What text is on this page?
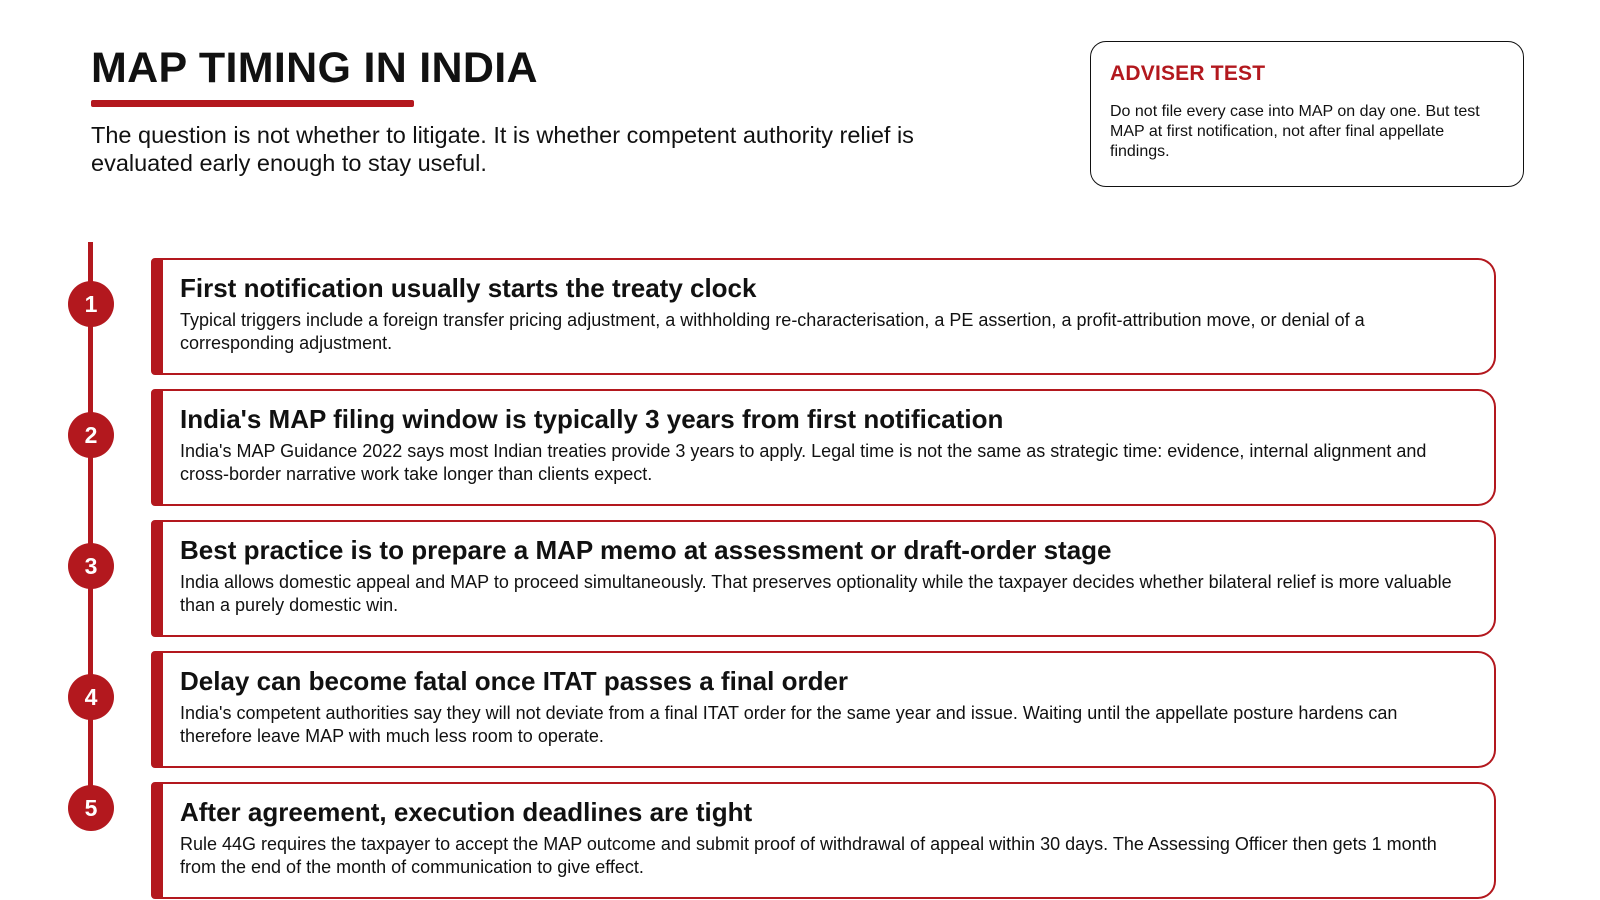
MAP TIMING IN INDIA

The question is not whether to litigate. It is whether competent authority relief is evaluated early enough to stay useful.

ADVISER TEST
Do not file every case into MAP on day one. But test MAP at first notification, not after final appellate findings.
1
First notification usually starts the treaty clock
Typical triggers include a foreign transfer pricing adjustment, a withholding re-characterisation, a PE assertion, a profit-attribution move, or denial of a corresponding adjustment.
2
India's MAP filing window is typically 3 years from first notification
India's MAP Guidance 2022 says most Indian treaties provide 3 years to apply. Legal time is not the same as strategic time: evidence, internal alignment and cross-border narrative work take longer than clients expect.
3
Best practice is to prepare a MAP memo at assessment or draft-order stage
India allows domestic appeal and MAP to proceed simultaneously. That preserves optionality while the taxpayer decides whether bilateral relief is more valuable than a purely domestic win.
4
Delay can become fatal once ITAT passes a final order
India's competent authorities say they will not deviate from a final ITAT order for the same year and issue. Waiting until the appellate posture hardens can therefore leave MAP with much less room to operate.
5	After agreement, execution deadlines are tight
Rule 44G requires the taxpayer to accept the MAP outcome and submit proof of withdrawal of appeal within 30 days. The Assessing Officer then gets 1 month from the end of the month of communication to give effect.
